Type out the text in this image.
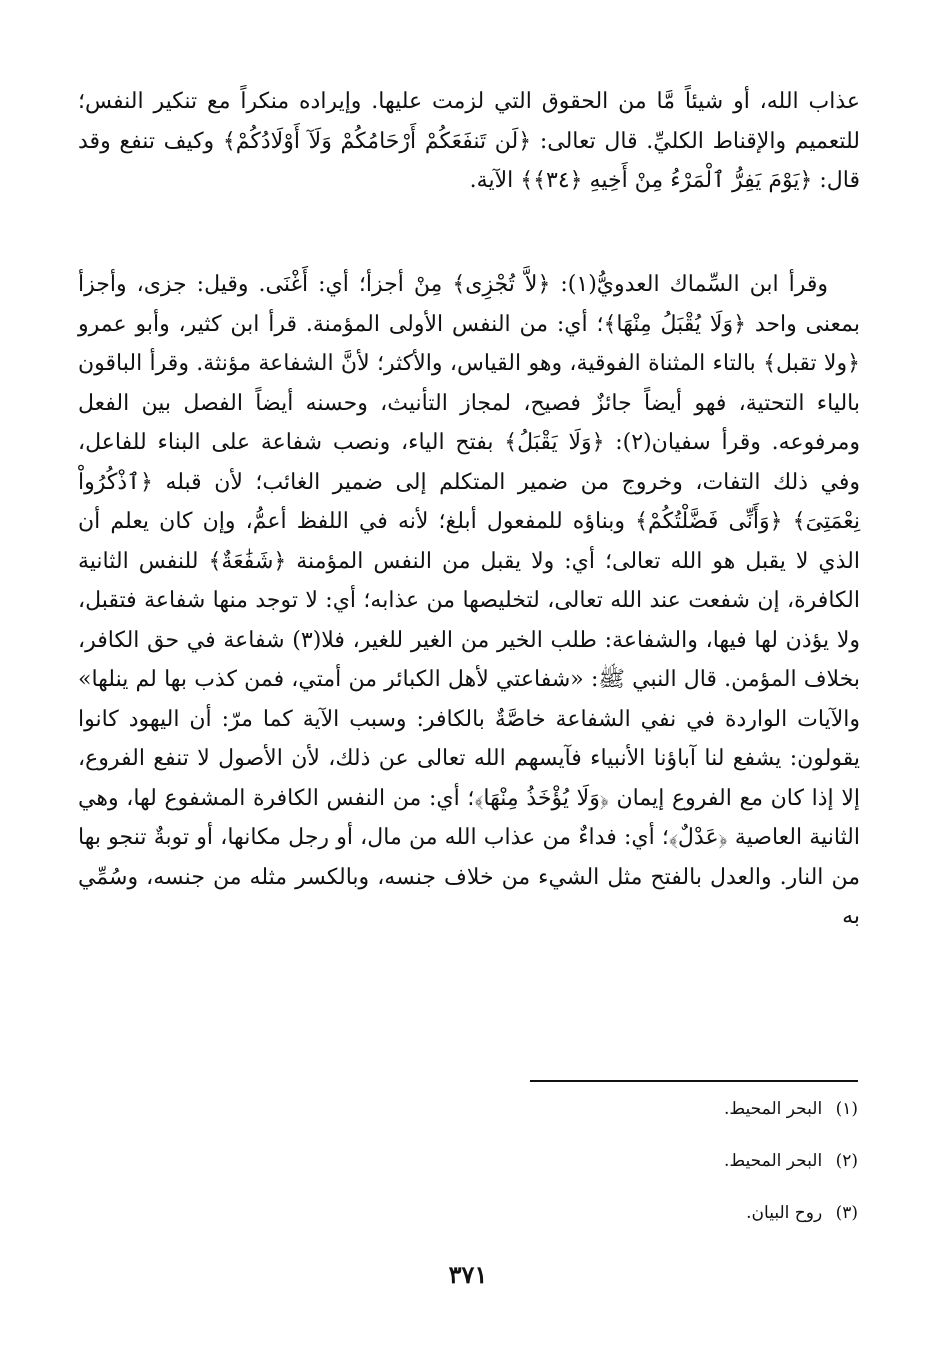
عذاب الله، أو شيئاً مَّا من الحقوق التي لزمت عليها. وإيراده منكراً مع تنكير النفس؛ للتعميم والإقناط الكليِّ. قال تعالى: ﴿لَن تَنفَعَكُمْ أَرْحَامُكُمْ وَلَآ أَوْلَادُكُمْ﴾ وكيف تنفع وقد قال: ﴿يَوْمَ يَفِرُّ ٱلْمَرْءُ مِنْ أَخِيهِ ﴿٣٤﴾﴾ الآية.

وقرأ ابن السِّماك العدويُّ(١): ﴿لاَّ تُجْزِى﴾ مِنْ أجزأ؛ أي: أَغْنَى. وقيل: جزى، وأجزأ بمعنى واحد ﴿وَلَا يُقْبَلُ مِنْهَا﴾؛ أي: من النفس الأولى المؤمنة. قرأ ابن كثير، وأبو عمرو ﴿ولا تقبل﴾ بالتاء المثناة الفوقية، وهو القياس، والأكثر؛ لأنَّ الشفاعة مؤنثة. وقرأ الباقون بالياء التحتية، فهو أيضاً جائزٌ فصيح، لمجاز التأنيث، وحسنه أيضاً الفصل بين الفعل ومرفوعه. وقرأ سفيان(٢): ﴿وَلَا يَقْبَلُ﴾ بفتح الياء، ونصب شفاعة على البناء للفاعل، وفي ذلك التفات، وخروج من ضمير المتكلم إلى ضمير الغائب؛ لأن قبله ﴿ٱذْكُرُواْ نِعْمَتِىَ﴾ ﴿وَأَنِّى فَضَّلْتُكُمْ﴾ وبناؤه للمفعول أبلغ؛ لأنه في اللفظ أعمُّ، وإن كان يعلم أن الذي لا يقبل هو الله تعالى؛ أي: ولا يقبل من النفس المؤمنة ﴿شَفَٰعَةٌ﴾ للنفس الثانية الكافرة، إن شفعت عند الله تعالى، لتخليصها من عذابه؛ أي: لا توجد منها شفاعة فتقبل، ولا يؤذن لها فيها، والشفاعة: طلب الخير من الغير للغير، فلا(٣) شفاعة في حق الكافر، بخلاف المؤمن. قال النبي ﷺ: «شفاعتي لأهل الكبائر من أمتي، فمن كذب بها لم ينلها» والآيات الواردة في نفي الشفاعة خاصَّةٌ بالكافر: وسبب الآية كما مرّ: أن اليهود كانوا يقولون: يشفع لنا آباؤنا الأنبياء فآيسهم الله تعالى عن ذلك، لأن الأصول لا تنفع الفروع، إلا إذا كان مع الفروع إيمان ﴿وَلَا يُؤْخَذُ مِنْهَا﴾؛ أي: من النفس الكافرة المشفوع لها، وهي الثانية العاصية ﴿عَدْلٌ﴾؛ أي: فداءٌ من عذاب الله من مال، أو رجل مكانها، أو توبةٌ تنجو بها من النار. والعدل بالفتح مثل الشيء من خلاف جنسه، وبالكسر مثله من جنسه، وسُمِّي به

(١) البحر المحيط.

(٢) البحر المحيط.

(٣) روح البيان.

٣٧١
